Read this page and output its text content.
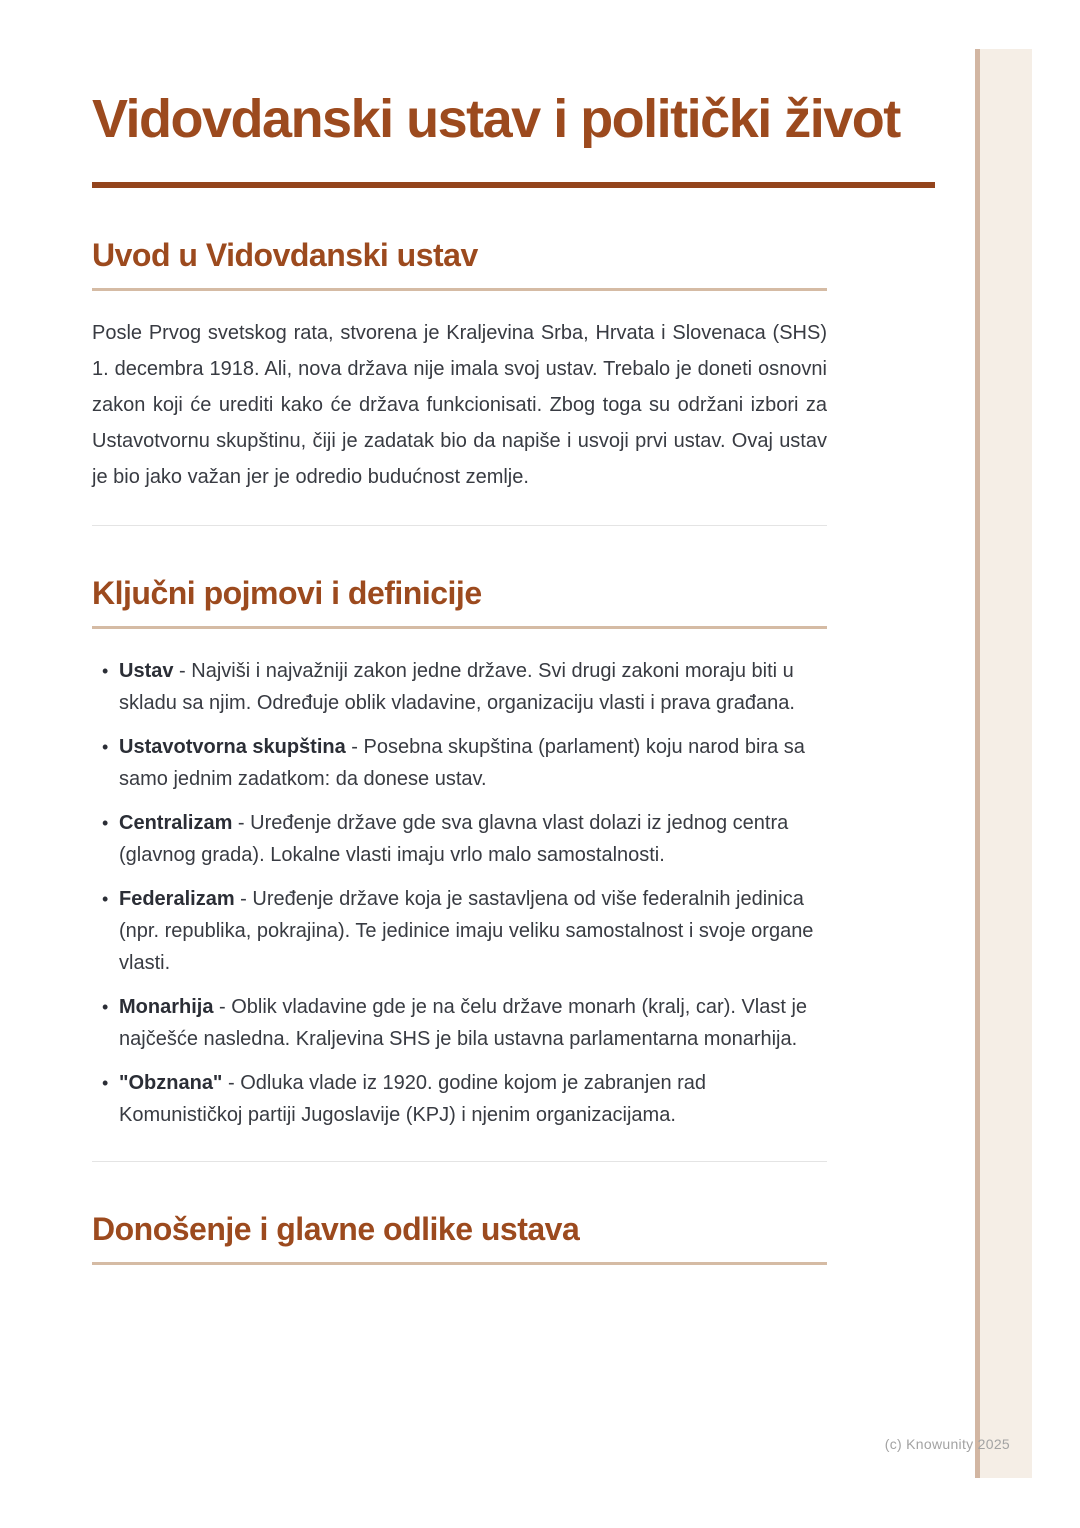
Vidovdanski ustav i politički život
Uvod u Vidovdanski ustav

Posle Prvog svetskog rata, stvorena je Kraljevina Srba, Hrvata i Slovenaca (SHS) 1. decembra 1918. Ali, nova država nije imala svoj ustav. Trebalo je doneti osnovni zakon koji će urediti kako će država funkcionisati. Zbog toga su održani izbori za Ustavotvornu skupštinu, čiji je zadatak bio da napiše i usvoji prvi ustav. Ovaj ustav je bio jako važan jer je odredio budućnost zemlje.

Ključni pojmovi i definicije
• Ustav - Najviši i najvažniji zakon jedne države. Svi drugi zakoni moraju biti u skladu sa njim. Određuje oblik vladavine, organizaciju vlasti i prava građana.
• Ustavotvorna skupština - Posebna skupština (parlament) koju narod bira sa samo jednim zadatkom: da donese ustav.
• Centralizam - Uređenje države gde sva glavna vlast dolazi iz jednog centra (glavnog grada). Lokalne vlasti imaju vrlo malo samostalnosti.
• Federalizam - Uređenje države koja je sastavljena od više federalnih jedinica (npr. republika, pokrajina). Te jedinice imaju veliku samostalnost i svoje organe vlasti.
• Monarhija - Oblik vladavine gde je na čelu države monarh (kralj, car). Vlast je najčešće nasledna. Kraljevina SHS je bila ustavna parlamentarna monarhija.
• "Obznana" - Odluka vlade iz 1920. godine kojom je zabranjen rad Komunističkoj partiji Jugoslavije (KPJ) i njenim organizacijama.
Donošenje i glavne odlike ustava
(c) Knowunity 2025
